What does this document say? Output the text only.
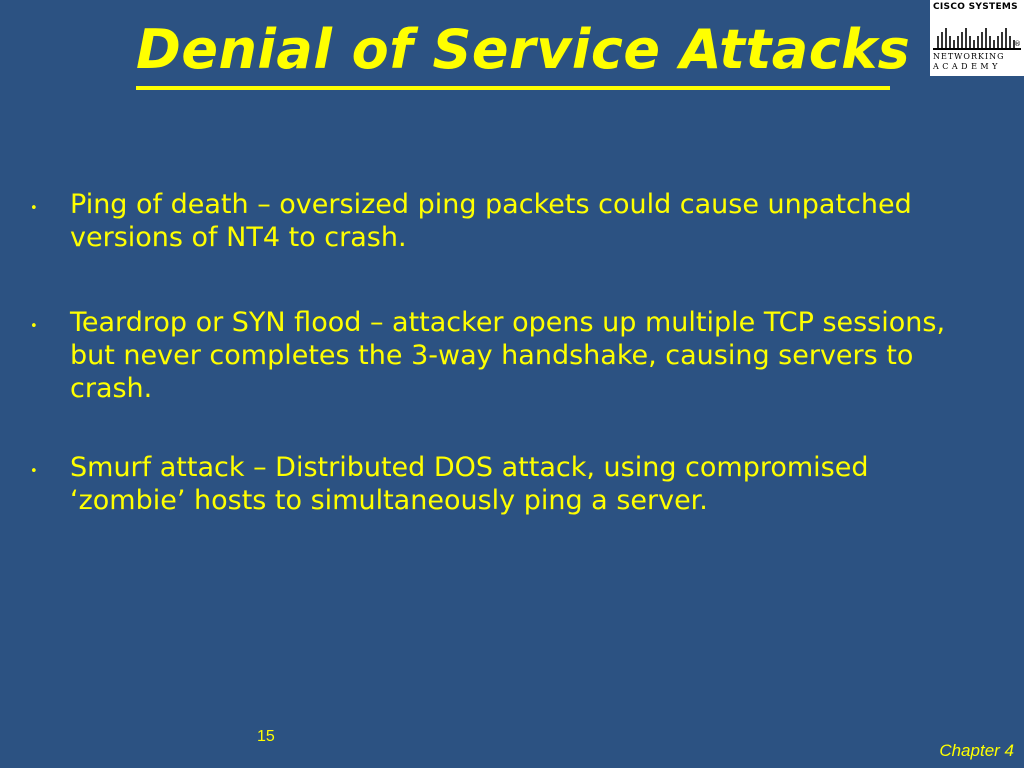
Denial of Service Attacks
CISCO SYSTEMS
®
NETWORKING
ACADEMY
• Ping of death – oversized ping packets could cause unpatched versions of NT4 to crash.
• Teardrop or SYN flood – attacker opens up multiple TCP sessions, but never completes the 3-way handshake, causing servers to crash.
• Smurf attack – Distributed DOS attack, using compromised ‘zombie’ hosts to simultaneously ping a server.
15
Chapter 4
